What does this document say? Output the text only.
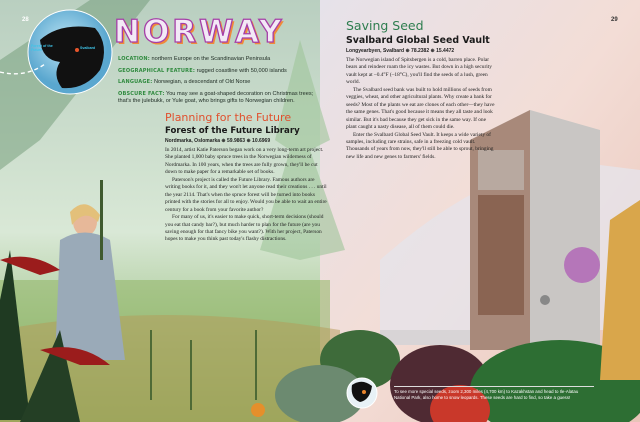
28	29
Forest of the Future	Svalbard NORWAY

LOCATION: northern Europe on the Scandinavian Peninsula

GEOGRAPHICAL FEATURE: rugged coastline with 50,000 islands

LANGUAGE: Norwegian, a descendant of Old Norse

OBSCURE FACT: You may see a goat-shaped decoration on Christmas trees; that's the julebukk, or Yule goat, who brings gifts to Norwegian children.

Planning for the Future
Forest of the Future Library
Nordmarka, Oslomarka ⊕ 59.9863 ⊕ 10.6969

In 2014, artist Katie Paterson began work on a very long-term art project. She planted 1,000 baby spruce trees in the Norwegian wilderness of Nordmarka. In 100 years, when the trees are fully grown, they'll be cut down to make paper for a remarkable set of books.

Paterson's project is called the Future Library. Famous authors are writing books for it, and they won't let anyone read their creations . . . until the year 2114. That's when the spruce forest will be turned into books printed with the stories for all to enjoy. Would you be able to wait an entire century for a book from your favorite author?

For many of us, it's easier to make quick, short-term decisions (should you eat that candy bar?), but much harder to plan for the future (are you saving enough for that fancy bike you want?). With her project, Paterson hopes to make you think past today's flashy distractions.

Saving Seed
Svalbard Global Seed Vault
Longyearbyen, Svalbard ⊕ 78.2382 ⊕ 15.4472

The Norwegian island of Spitsbergen is a cold, barren place. Polar bears and reindeer roam the icy wastes. But down in a high security vault kept at –0.4°F (–18°C), you'll find the seeds of a lush, green world.

The Svalbard seed bank was built to hold millions of seeds from veggies, wheat, and other agricultural plants. Why create a bank for seeds? Most of the plants we eat are clones of each other—they have the same genes. That's good because it means they all taste and look similar. But it's bad because they get sick in the same way. If one plant caught a nasty disease, all of them could die.

Enter the Svalbard Global Seed Vault. It keeps a wide variety of samples, including rare strains, safe in a freezing cold vault. Thousands of years from now, they'll still be able to sprout, bringing new life and new genes to farmers' fields.

To see more special seeds, zoom 2,300 miles (4,700 km) to Kazakhstan and head to Ile-Alatau National Park, also home to snow leopards. These seeds are hard to find, so take a guess!
